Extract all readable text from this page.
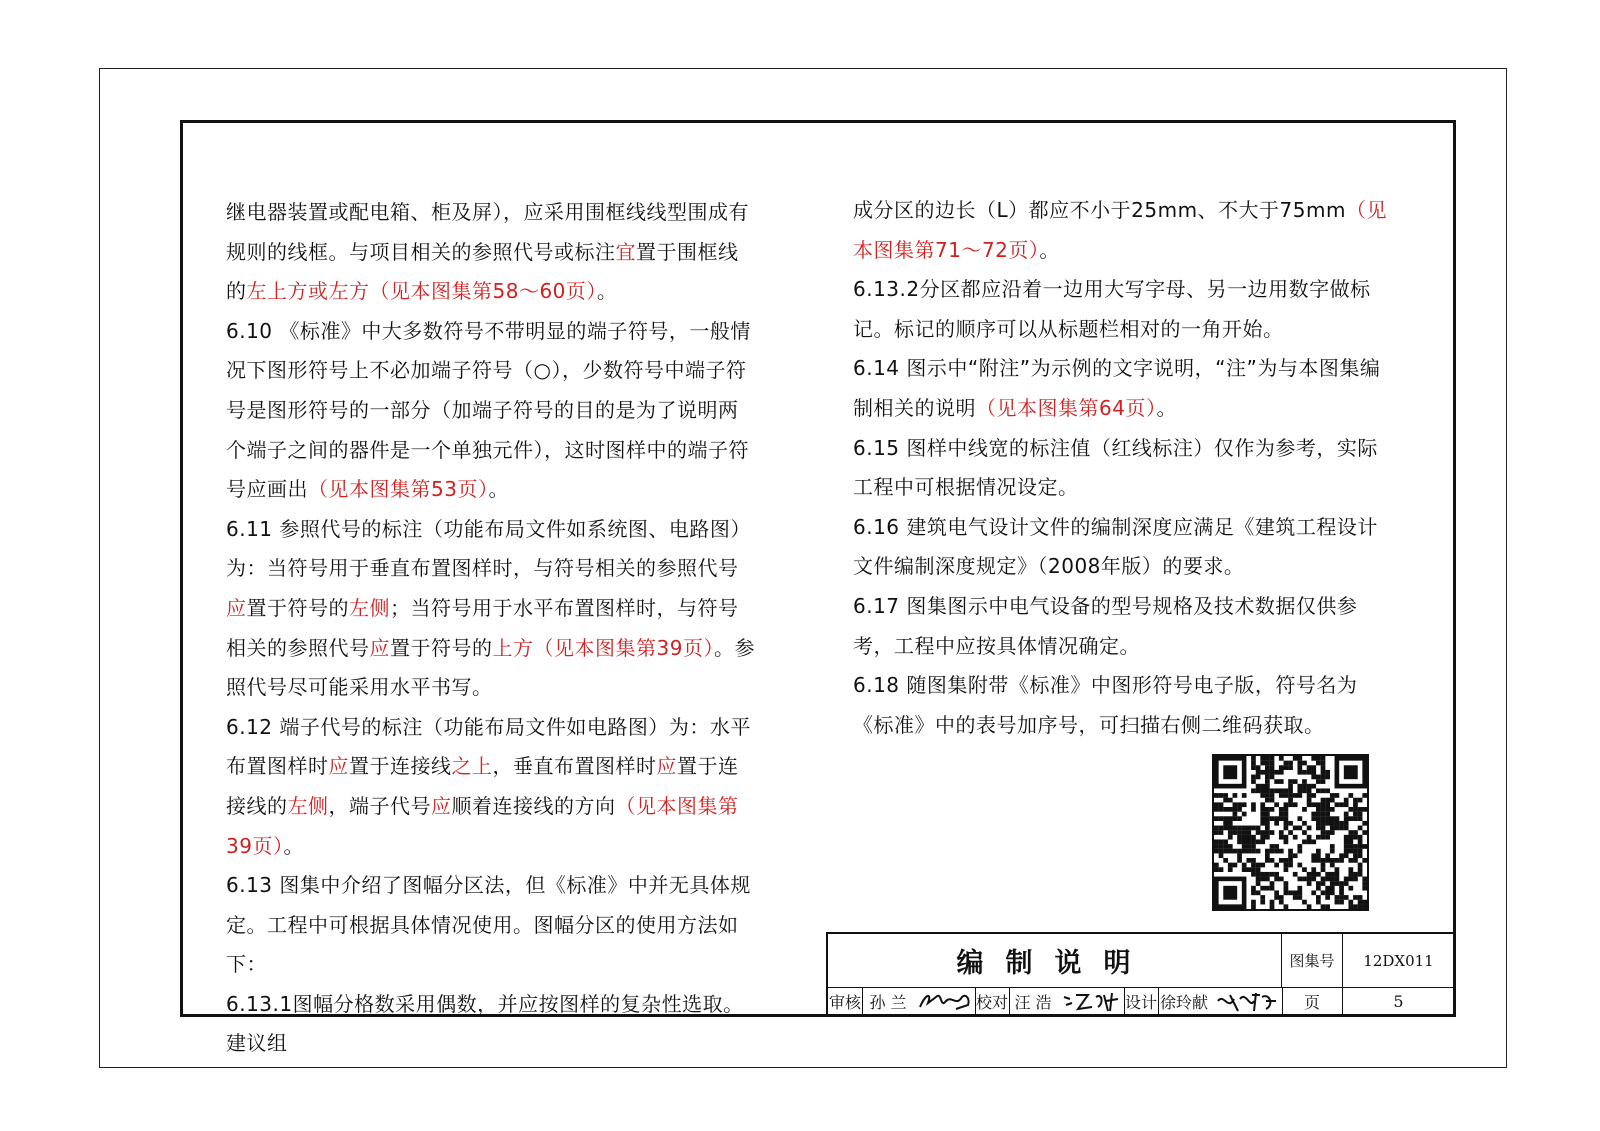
继电器装置或配电箱、柜及屏），应采用围框线线型围成有规则的线框。与项目相关的参照代号或标注宜置于围框线的左上方或左方（见本图集第58～60页）。

6.10 《标准》中大多数符号不带明显的端子符号，一般情况下图形符号上不必加端子符号（○），少数符号中端子符号是图形符号的一部分（加端子符号的目的是为了说明两个端子之间的器件是一个单独元件），这时图样中的端子符号应画出（见本图集第53页）。

6.11 参照代号的标注（功能布局文件如系统图、电路图）为：当符号用于垂直布置图样时，与符号相关的参照代号应置于符号的左侧；当符号用于水平布置图样时，与符号相关的参照代号应置于符号的上方（见本图集第39页）。参照代号尽可能采用水平书写。

6.12 端子代号的标注（功能布局文件如电路图）为：水平布置图样时应置于连接线之上，垂直布置图样时应置于连接线的左侧，端子代号应顺着连接线的方向（见本图集第39页）。

6.13 图集中介绍了图幅分区法，但《标准》中并无具体规定。工程中可根据具体情况使用。图幅分区的使用方法如下：

6.13.1图幅分格数采用偶数，并应按图样的复杂性选取。建议组

成分区的边长（L）都应不小于25mm、不大于75mm（见本图集第71～72页）。

6.13.2分区都应沿着一边用大写字母、另一边用数字做标记。标记的顺序可以从标题栏相对的一角开始。

6.14 图示中“附注”为示例的文字说明，“注”为与本图集编制相关的说明（见本图集第64页）。

6.15 图样中线宽的标注值（红线标注）仅作为参考，实际工程中可根据情况设定。

6.16 建筑电气设计文件的编制深度应满足《建筑工程设计文件编制深度规定》（2008年版）的要求。

6.17 图集图示中电气设备的型号规格及技术数据仅供参考，工程中应按具体情况确定。

6.18 随图集附带《标准》中图形符号电子版，符号名为《标准》中的表号加序号，可扫描右侧二维码获取。

编制说明	图集号	12DX011
审核 孙 兰	校对 汪 浩	设计 徐玲献	页	5
